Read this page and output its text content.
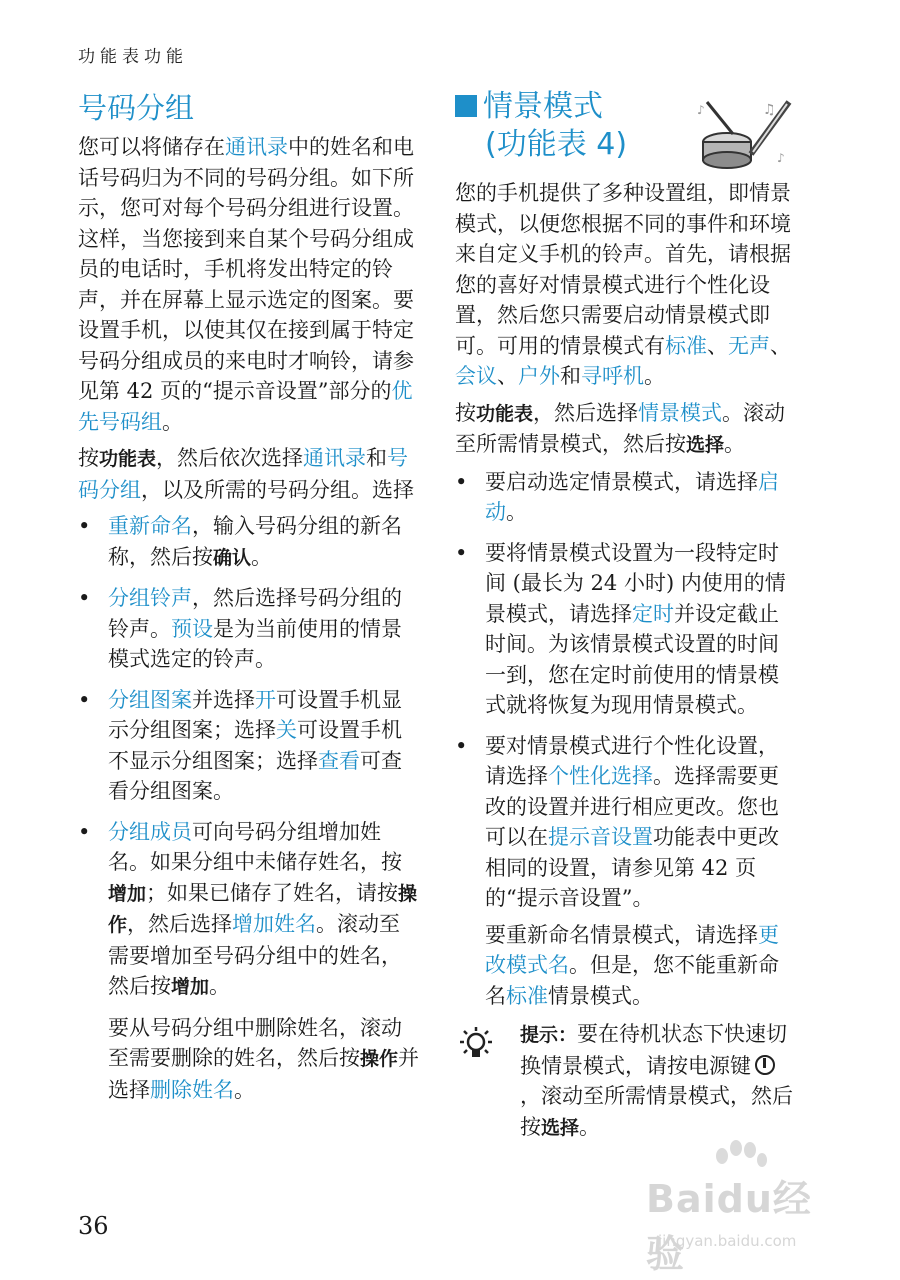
功能表功能
号码分组

您可以将储存在通讯录中的姓名和电话号码归为不同的号码分组。如下所示，您可对每个号码分组进行设置。这样，当您接到来自某个号码分组成员的电话时，手机将发出特定的铃声，并在屏幕上显示选定的图案。要设置手机，以使其仅在接到属于特定号码分组成员的来电时才响铃，请参见第 42 页的“提示音设置”部分的优先号码组。

按功能表，然后依次选择通讯录和号码分组，以及所需的号码分组。选择

• 重新命名，输入号码分组的新名称，然后按确认。
• 分组铃声，然后选择号码分组的铃声。预设是为当前使用的情景模式选定的铃声。
• 分组图案并选择开可设置手机显示分组图案；选择关可设置手机不显示分组图案；选择查看可查看分组图案。
• 分组成员可向号码分组增加姓名。如果分组中未储存姓名，按增加；如果已储存了姓名，请按操作，然后选择增加姓名。滚动至需要增加至号码分组中的姓名，然后按增加。

要从号码分组中删除姓名，滚动至需要删除的姓名，然后按操作并选择删除姓名。

情景模式
(功能表 4)
♫
♪
♪

您的手机提供了多种设置组，即情景模式，以便您根据不同的事件和环境来自定义手机的铃声。首先，请根据您的喜好对情景模式进行个性化设置，然后您只需要启动情景模式即可。可用的情景模式有标准、无声、会议、户外和寻呼机。

按功能表，然后选择情景模式。滚动至所需情景模式，然后按选择。

• 要启动选定情景模式，请选择启动。
• 要将情景模式设置为一段特定时间 (最长为 24 小时) 内使用的情景模式，请选择定时并设定截止时间。为该情景模式设置的时间一到，您在定时前使用的情景模式就将恢复为现用情景模式。
• 要对情景模式进行个性化设置，请选择个性化选择。选择需要更改的设置并进行相应更改。您也可以在提示音设置功能表中更改相同的设置，请参见第 42 页的“提示音设置”。

要重新命名情景模式，请选择更改模式名。但是，您不能重新命名标准情景模式。

提示：要在待机状态下快速切换情景模式，请按电源键，滚动至所需情景模式，然后按选择。

36
Baidu经验
jingyan.baidu.com
